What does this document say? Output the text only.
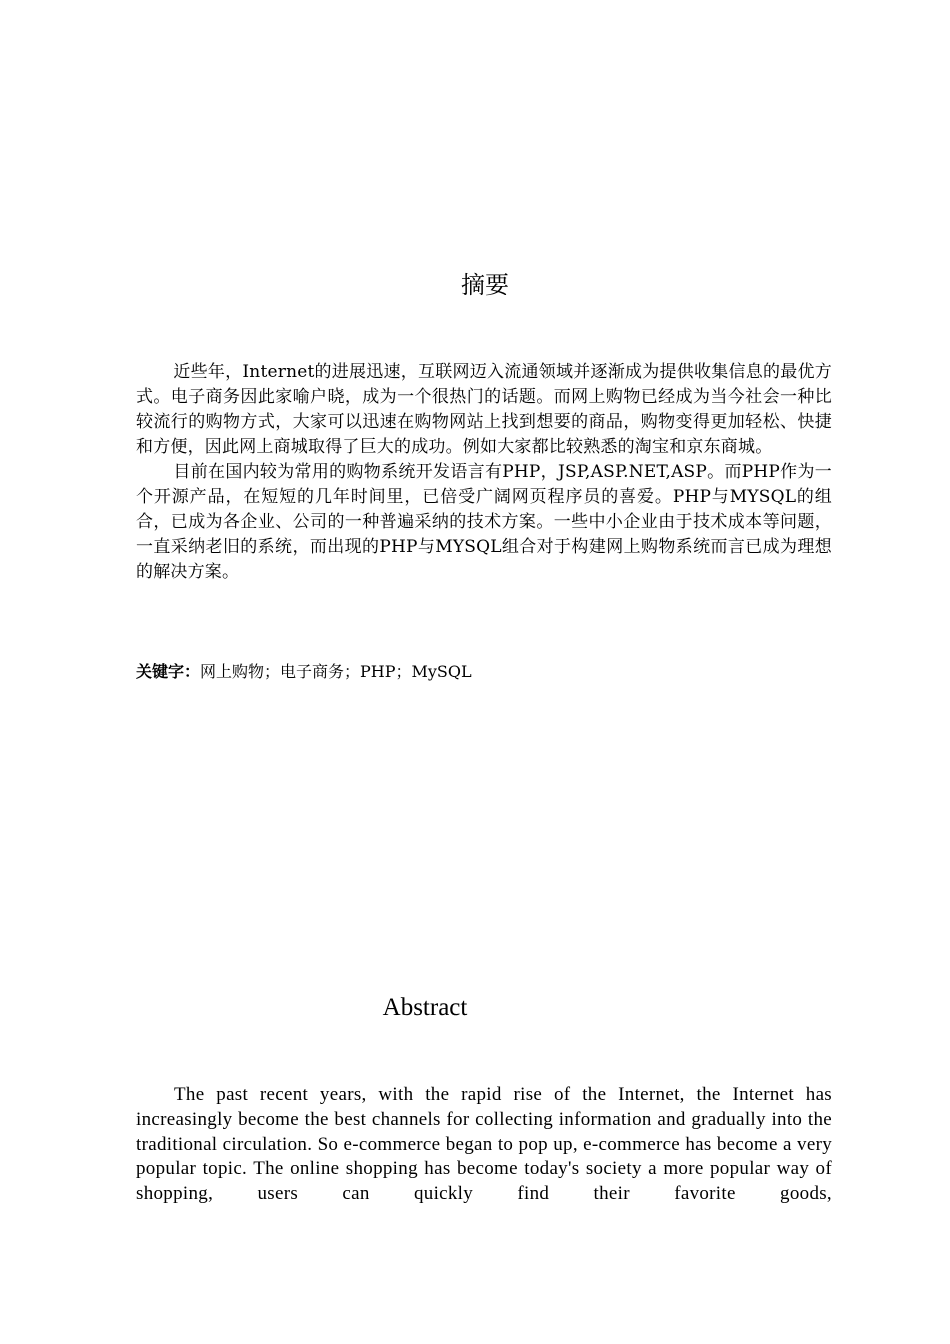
摘要

近些年，Internet的进展迅速，互联网迈入流通领域并逐渐成为提供收集信息的最优方式。电子商务因此家喻户晓，成为一个很热门的话题。而网上购物已经成为当今社会一种比较流行的购物方式，大家可以迅速在购物网站上找到想要的商品，购物变得更加轻松、快捷和方便，因此网上商城取得了巨大的成功。例如大家都比较熟悉的淘宝和京东商城。

目前在国内较为常用的购物系统开发语言有PHP，JSP,ASP.NET,ASP。而PHP作为一个开源产品，在短短的几年时间里，已倍受广阔网页程序员的喜爱。PHP与MYSQL的组合，已成为各企业、公司的一种普遍采纳的技术方案。一些中小企业由于技术成本等问题，一直采纳老旧的系统，而出现的PHP与MYSQL组合对于构建网上购物系统而言已成为理想的解决方案。

关键字：网上购物；电子商务；PHP；MySQL
Abstract

The past recent years, with the rapid rise of the Internet, the Internet has increasingly become the best channels for collecting information and gradually into the traditional circulation. So e-commerce began to pop up, e-commerce has become a very popular topic. The online shopping has become today's society a more popular way of shopping, users can quickly find their favorite goods,
